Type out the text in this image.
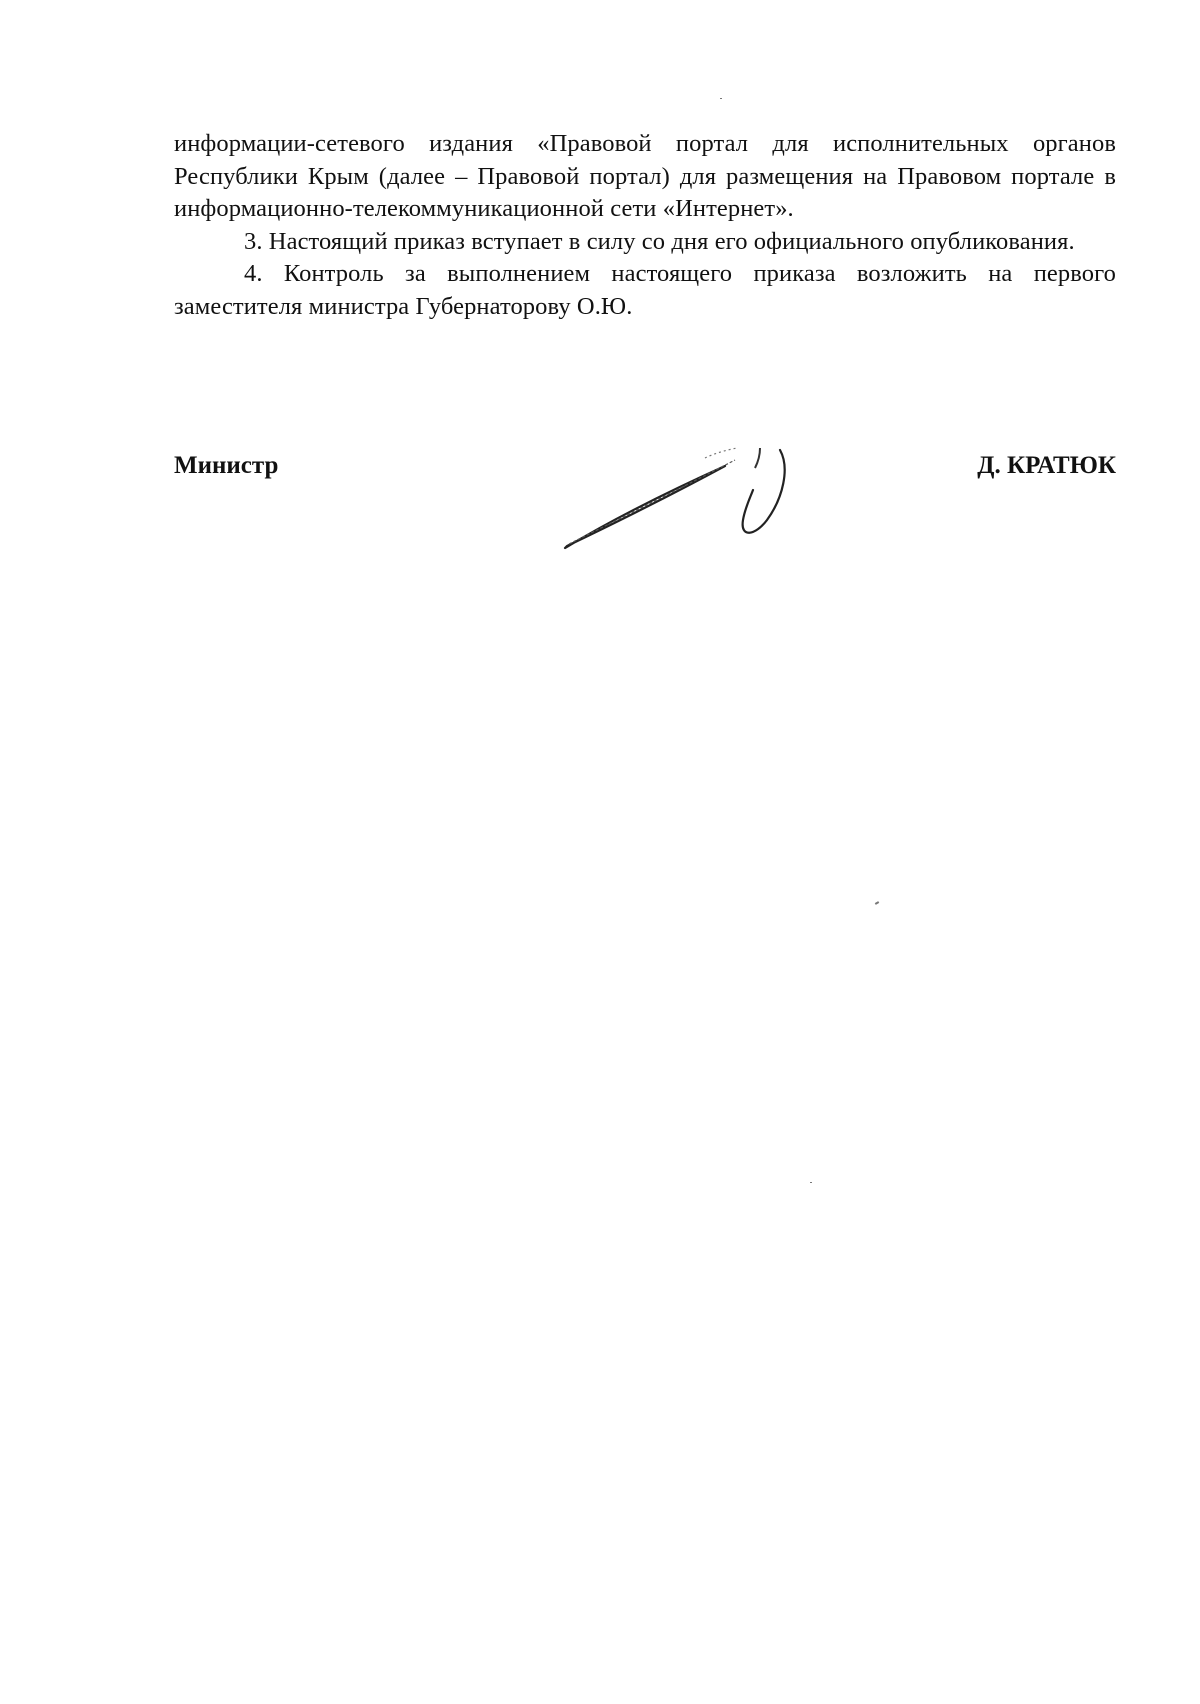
информации-сетевого издания «Правовой портал для исполнительных органов Республики Крым (далее – Правовой портал) для размещения на Правовом портале в информационно-телекоммуникационной сети «Интернет».

3. Настоящий приказ вступает в силу со дня его официального опубликования.

4. Контроль за выполнением настоящего приказа возложить на первого заместителя министра Губернаторову О.Ю.

Министр	Д. КРАТЮК
